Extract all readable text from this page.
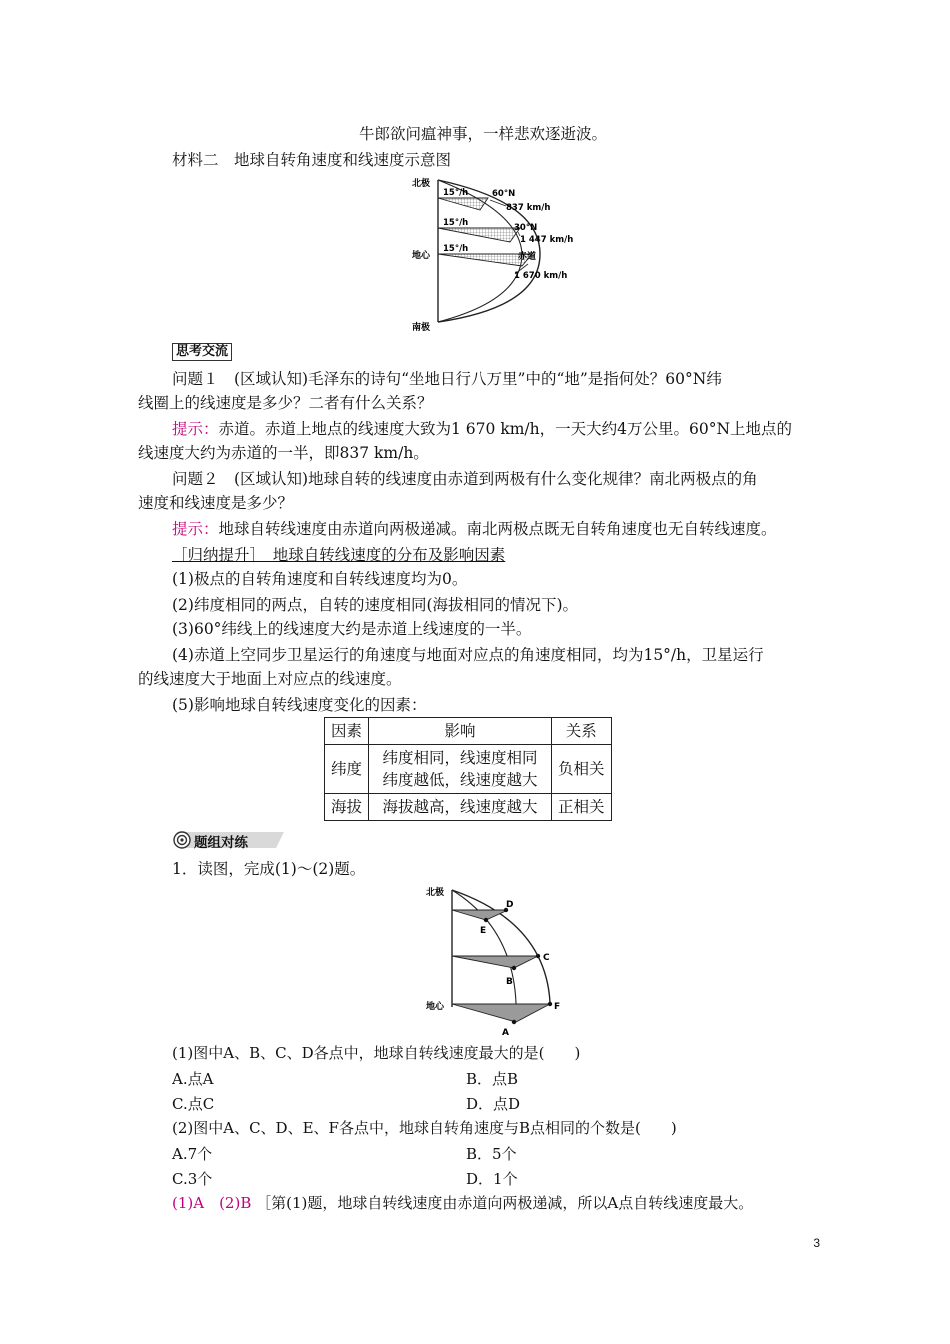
牛郎欲问瘟神事，一样悲欢逐逝波。
材料二　地球自转角速度和线速度示意图
北极
地心
南极
15°/h
15°/h
15°/h
60°N
837 km/h
30°N
1 447 km/h
赤道
1 670 km/h
思考交流
问题１　(区域认知)毛泽东的诗句“坐地日行八万里”中的“地”是指何处？60°N纬
线圈上的线速度是多少？二者有什么关系？
提示：赤道。赤道上地点的线速度大致为1 670 km/h，一天大约4万公里。60°N上地点的
线速度大约为赤道的一半，即837 km/h。
问题２　(区域认知)地球自转的线速度由赤道到两极有什么变化规律？南北两极点的角
速度和线速度是多少？
提示：地球自转线速度由赤道向两极递减。南北两极点既无自转角速度也无自转线速度。
［归纳提升］　地球自转线速度的分布及影响因素
(1)极点的自转角速度和自转线速度均为0。
(2)纬度相同的两点，自转的速度相同(海拔相同的情况下)。
(3)60°纬线上的线速度大约是赤道上线速度的一半。
(4)赤道上空同步卫星运行的角速度与地面对应点的角速度相同，均为15°/h，卫星运行
的线速度大于地面上对应点的线速度。
(5)影响地球自转线速度变化的因素：
因素	影响	关系
纬度	纬度相同，线速度相同
纬度越低，线速度越大	负相关
海拔	海拔越高，线速度越大	正相关
题组对练
1．读图，完成(1)～(2)题。
北极
地心
A
B
C
D
E
F
(1)图中A、B、C、D各点中，地球自转线速度最大的是(　　)
A.点A	B．点B
C.点C	D．点D
(2)图中A、C、D、E、F各点中，地球自转角速度与B点相同的个数是(　　)
A.7个	B．5个
C.3个	D．1个
(1)A　(2)B ［第(1)题，地球自转线速度由赤道向两极递减，所以A点自转线速度最大。
3
